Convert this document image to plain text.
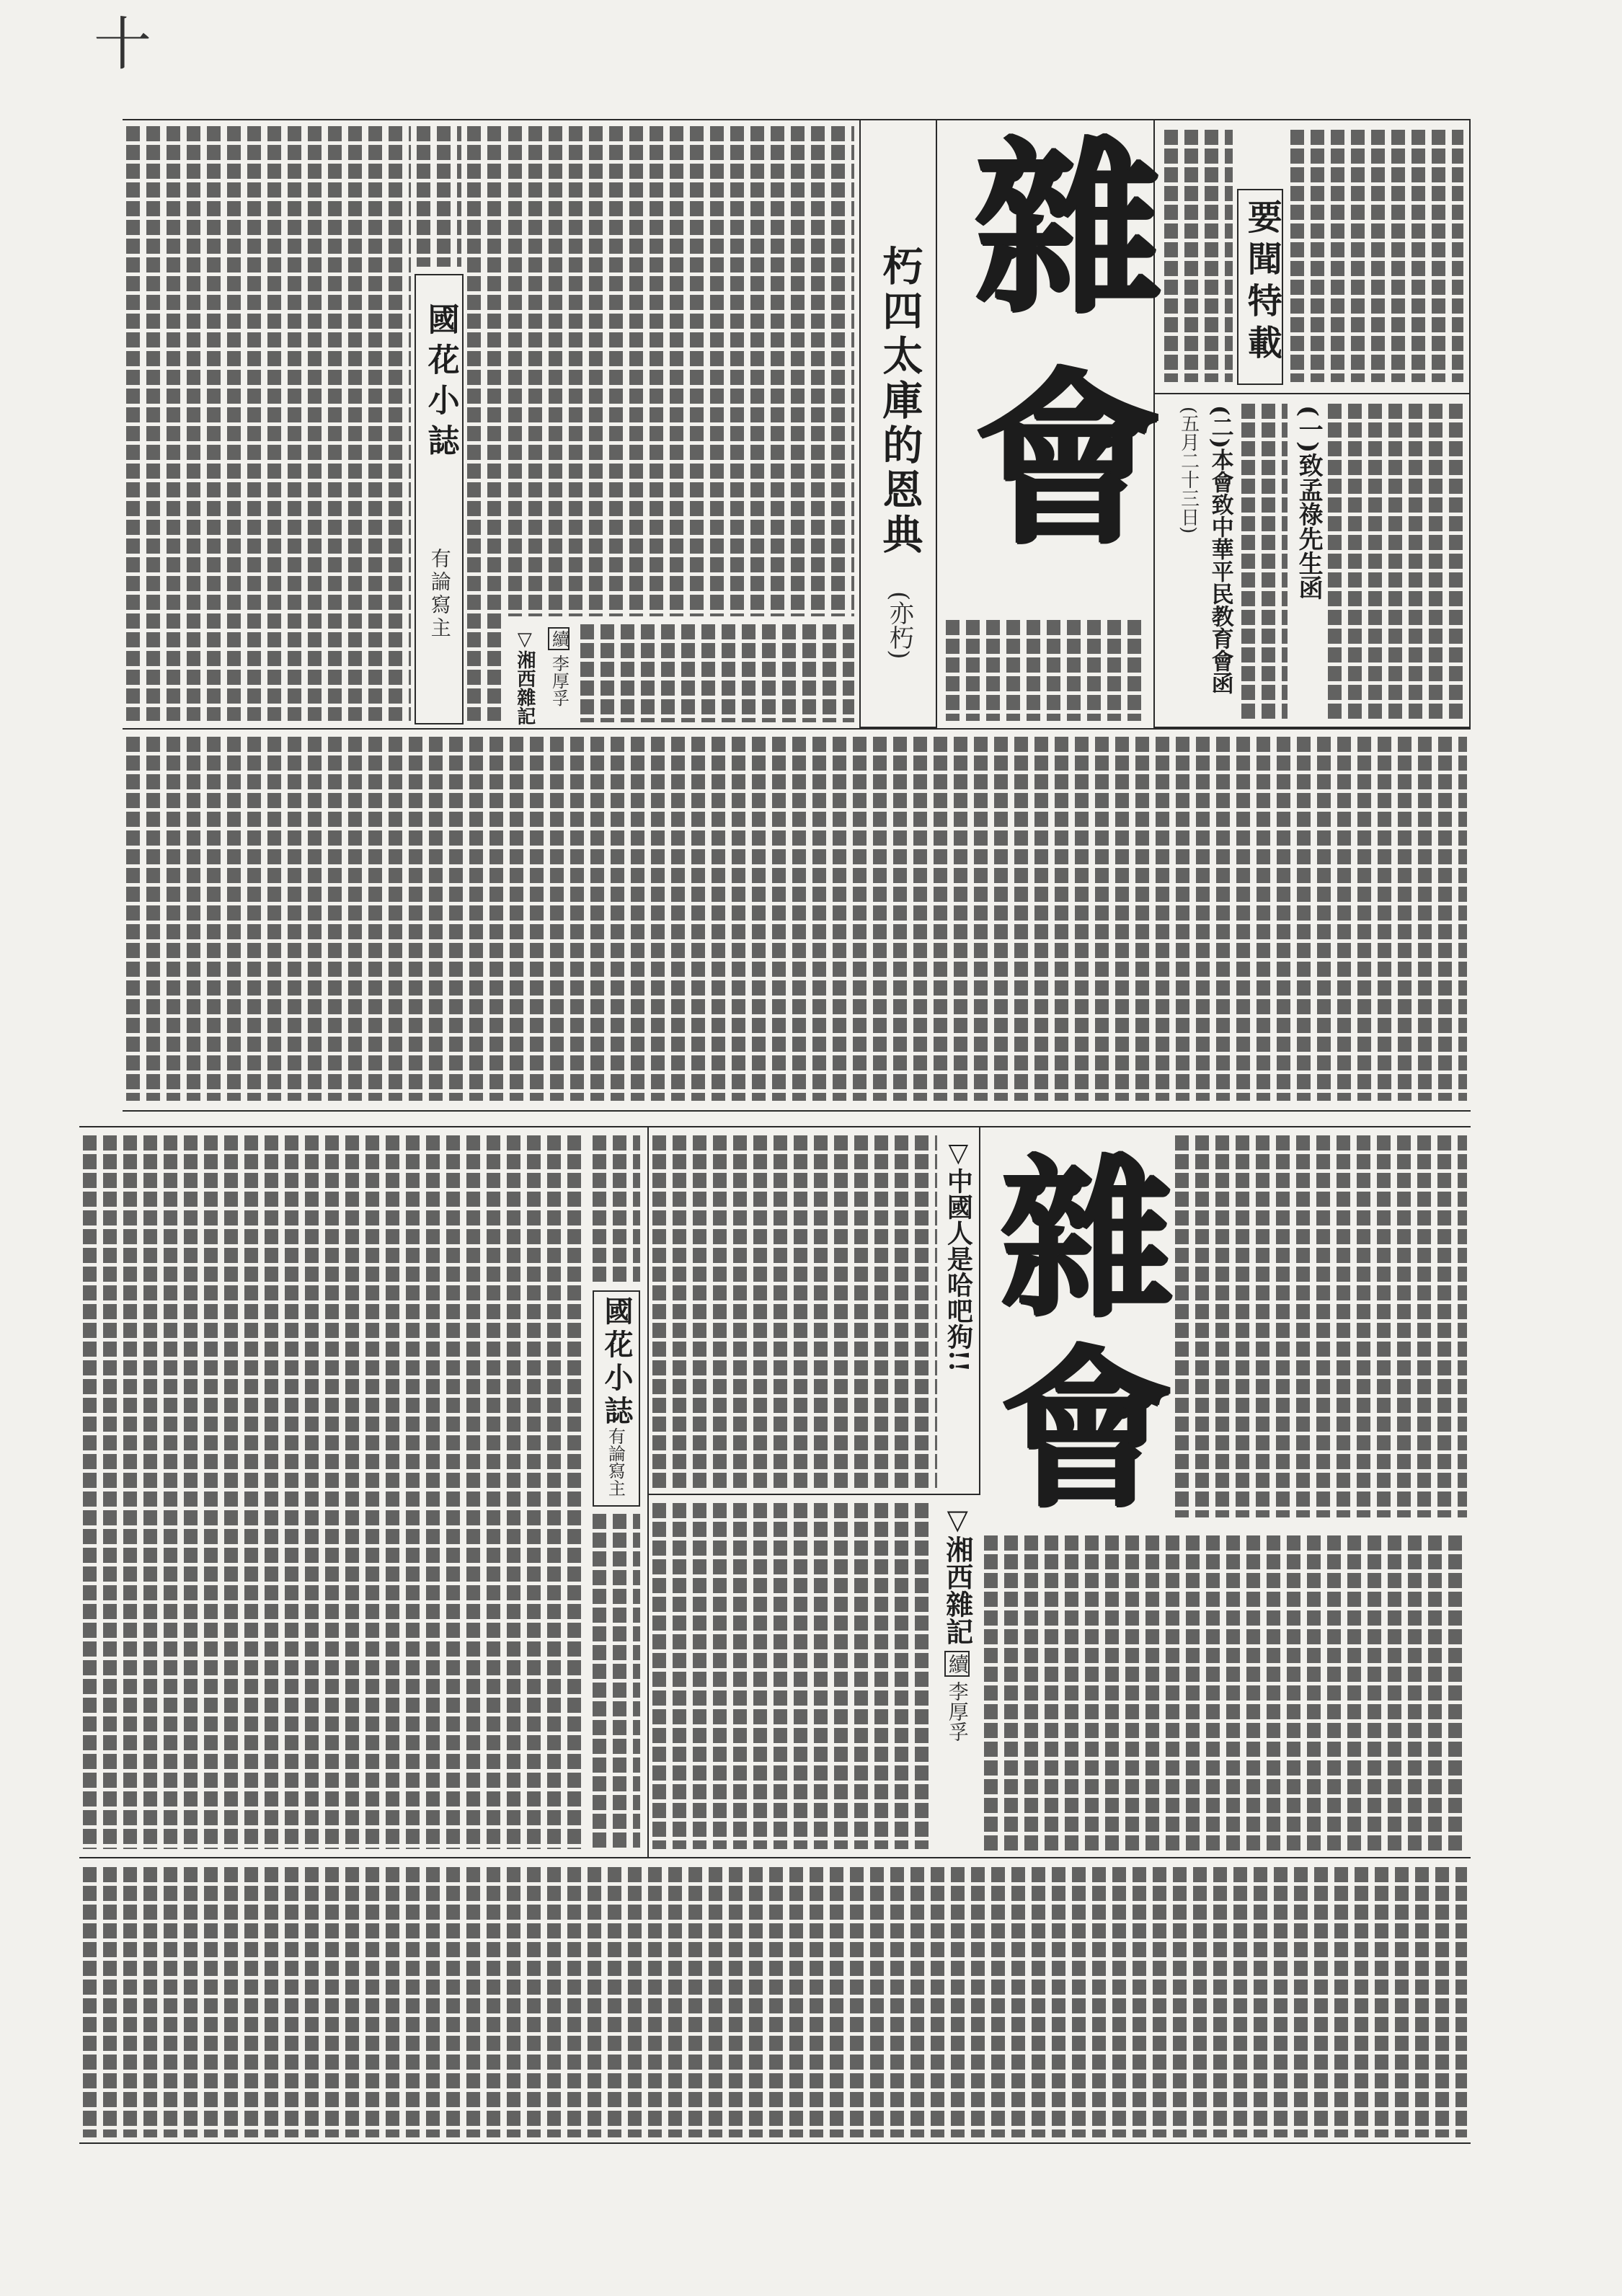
十
要聞特載
(一)致孟祿先生函
(二)本會致中華平民教育會函
(五月二十三日)
雜會
朽四太庫的恩典
(亦朽)
▽湘西雜記
續李厚孚
國花小誌
有論寫主
雜會
▽中國人是哈吧狗!!
▽湘西雜記
續李厚孚
國花小誌
有論寫主
